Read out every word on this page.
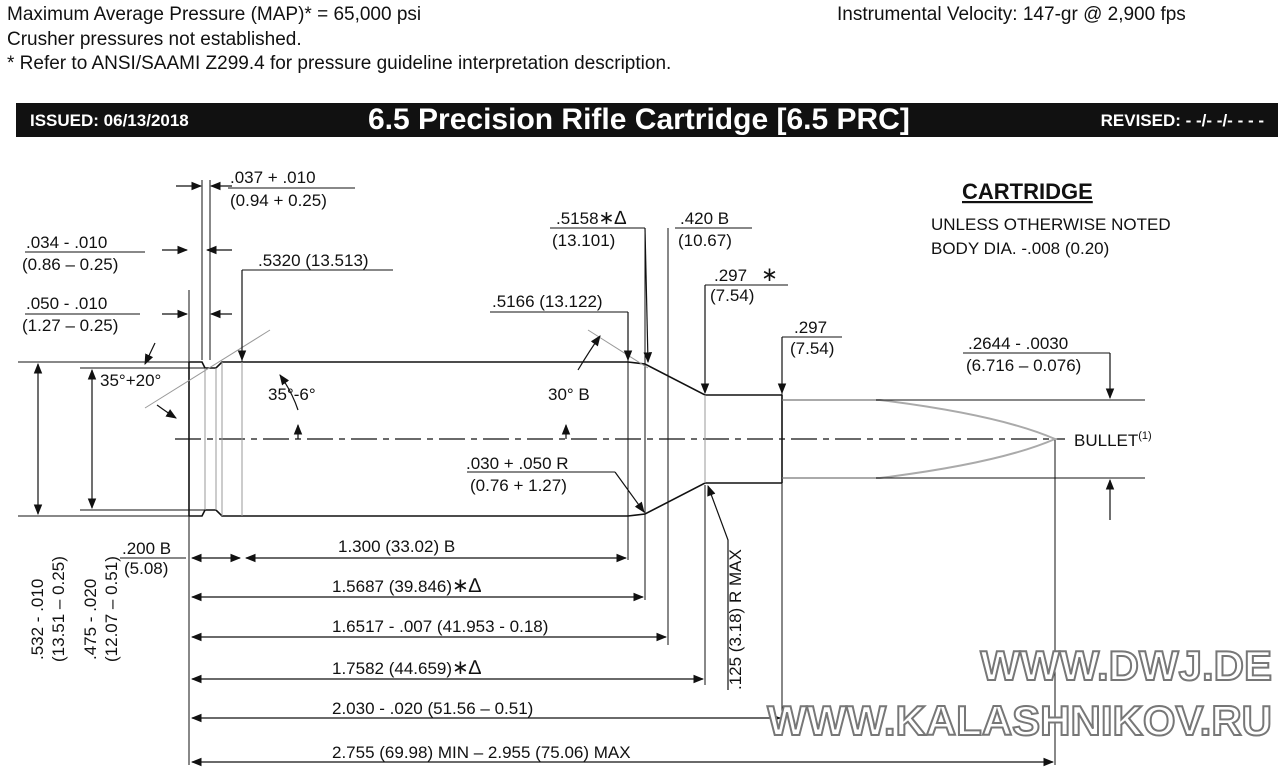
Maximum Average Pressure (MAP)* = 65,000 psi
Crusher pressures not established.
* Refer to ANSI/SAAMI Z299.4 for pressure guideline interpretation description.
Instrumental Velocity: 147-gr @ 2,900 fps
ISSUED: 06/13/2018	6.5 Precision Rifle Cartridge [6.5 PRC]	REVISED: - -/- -/- - - -
CARTRIDGE
UNLESS OTHERWISE NOTED
BODY DIA. -.008 (0.20)
.037 + .010
(0.94 + 0.25)
.034 - .010
(0.86 – 0.25)
.050 - .010
(1.27 – 0.25)
.5320 (13.513)
.5166 (13.122)
.5158∗∆
(13.101)
.420 B
(10.67)
.297 ∗
(7.54)
.297
(7.54)	.2644 - .0030
(6.716 – 0.076)
30° B
35°-6°
35°+20°
.030 + .050 R
(0.76 + 1.27)
.125 (3.18) R MAX
.532 - .010 (13.51 – 0.25) .475 - .020 (12.07 – 0.51)
.200 B
(5.08)
1.300 (33.02) B
1.5687 (39.846)∗∆
1.6517 - .007 (41.953 - 0.18)
1.7582 (44.659)∗∆
2.030 - .020 (51.56 – 0.51)
2.755 (69.98) MIN – 2.955 (75.06) MAX
BULLET$^{(1)}$
WWW.DWJ.DE
WWW.KALASHNIKOV.RU
